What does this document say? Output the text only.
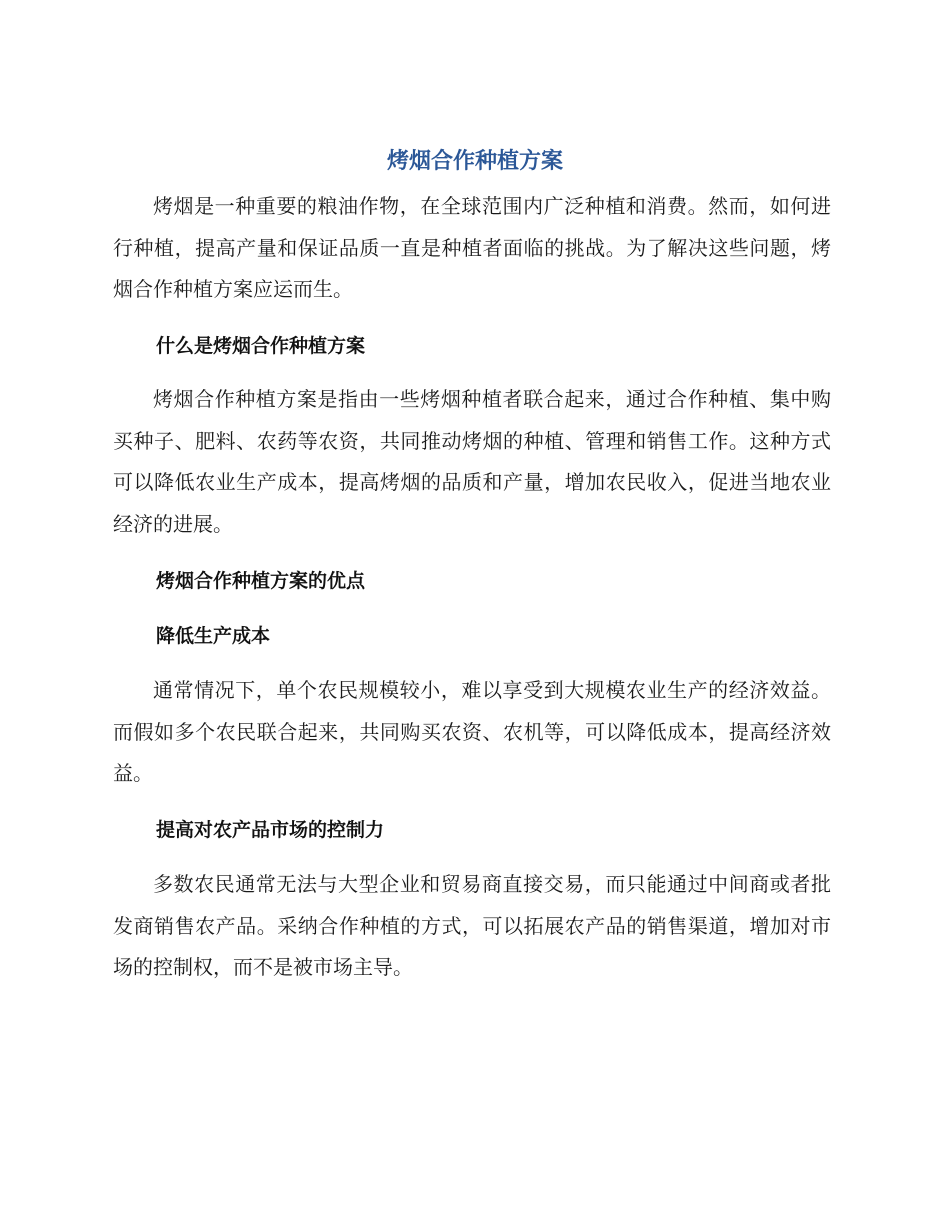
烤烟合作种植方案

烤烟是一种重要的粮油作物，在全球范围内广泛种植和消费。然而，如何进行种植，提高产量和保证品质一直是种植者面临的挑战。为了解决这些问题，烤烟合作种植方案应运而生。

什么是烤烟合作种植方案

烤烟合作种植方案是指由一些烤烟种植者联合起来，通过合作种植、集中购买种子、肥料、农药等农资，共同推动烤烟的种植、管理和销售工作。这种方式可以降低农业生产成本，提高烤烟的品质和产量，增加农民收入，促进当地农业经济的进展。

烤烟合作种植方案的优点
降低生产成本

通常情况下，单个农民规模较小，难以享受到大规模农业生产的经济效益。而假如多个农民联合起来，共同购买农资、农机等，可以降低成本，提高经济效益。

提高对农产品市场的控制力

多数农民通常无法与大型企业和贸易商直接交易，而只能通过中间商或者批发商销售农产品。采纳合作种植的方式，可以拓展农产品的销售渠道，增加对市场的控制权，而不是被市场主导。
